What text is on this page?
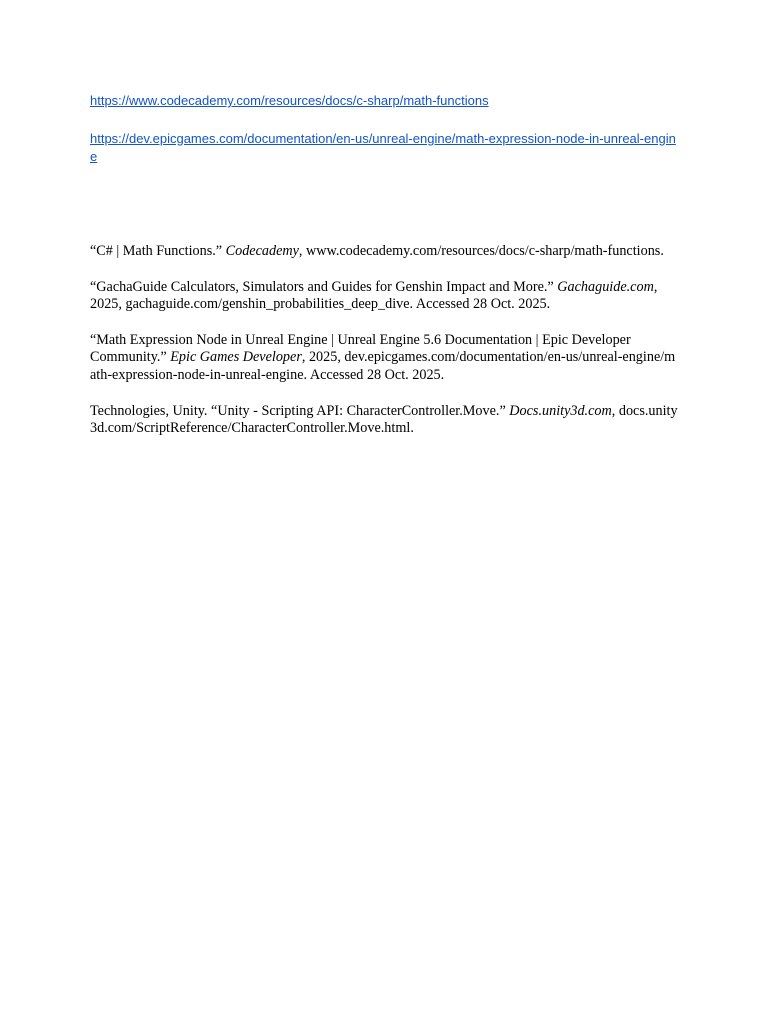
https://www.codecademy.com/resources/docs/c-sharp/math-functions
https://dev.epicgames.com/documentation/en-us/unreal-engine/math-expression-node-in-unreal-engine

“C# | Math Functions.” Codecademy, www.codecademy.com/resources/docs/c-sharp/math-functions.

“GachaGuide Calculators, Simulators and Guides for Genshin Impact and More.” Gachaguide.com, 2025, gachaguide.com/genshin_probabilities_deep_dive. Accessed 28 Oct. 2025.

“Math Expression Node in Unreal Engine | Unreal Engine 5.6 Documentation | Epic Developer Community.” Epic Games Developer, 2025, dev.epicgames.com/documentation/en-us/unreal-engine/math-expression-node-in-unreal-engine. Accessed 28 Oct. 2025.

Technologies, Unity. “Unity - Scripting API: CharacterController.Move.” Docs.unity3d.com, docs.unity3d.com/ScriptReference/CharacterController.Move.html.
